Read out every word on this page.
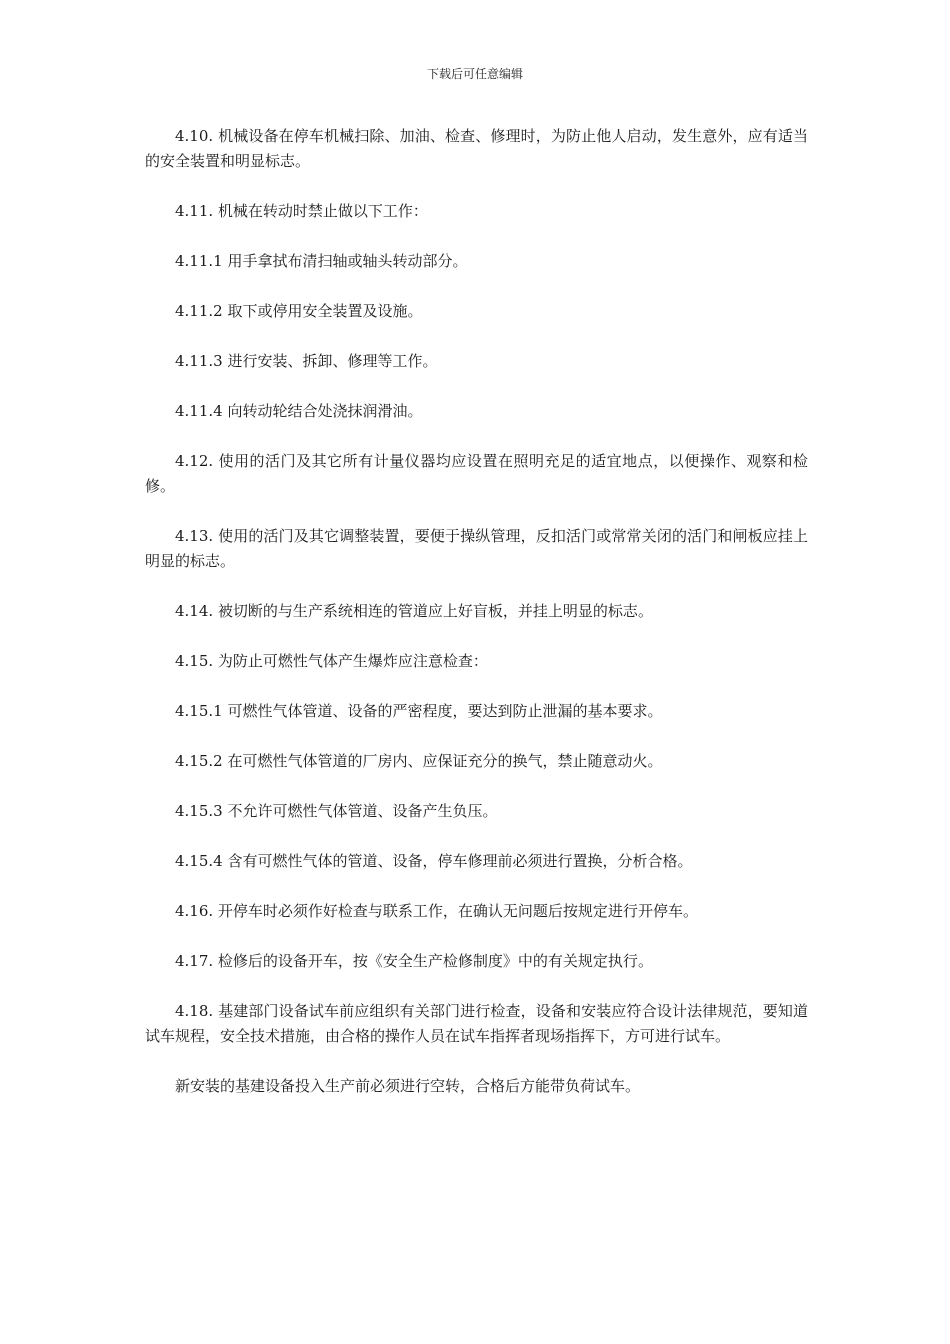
下载后可任意编辑

4.10. 机械设备在停车机械扫除、加油、检查、修理时，为防止他人启动，发生意外，应有适当的安全装置和明显标志。

4.11. 机械在转动时禁止做以下工作：

4.11.1 用手拿拭布清扫轴或轴头转动部分。

4.11.2 取下或停用安全装置及设施。

4.11.3 进行安装、拆卸、修理等工作。

4.11.4 向转动轮结合处浇抹润滑油。

4.12. 使用的活门及其它所有计量仪器均应设置在照明充足的适宜地点，以便操作、观察和检修。

4.13. 使用的活门及其它调整装置，要便于操纵管理，反扣活门或常常关闭的活门和闸板应挂上明显的标志。

4.14. 被切断的与生产系统相连的管道应上好盲板，并挂上明显的标志。

4.15. 为防止可燃性气体产生爆炸应注意检查：

4.15.1 可燃性气体管道、设备的严密程度，要达到防止泄漏的基本要求。

4.15.2 在可燃性气体管道的厂房内、应保证充分的换气，禁止随意动火。

4.15.3 不允许可燃性气体管道、设备产生负压。

4.15.4 含有可燃性气体的管道、设备，停车修理前必须进行置换，分析合格。

4.16. 开停车时必须作好检查与联系工作，在确认无问题后按规定进行开停车。

4.17. 检修后的设备开车，按《安全生产检修制度》中的有关规定执行。

4.18. 基建部门设备试车前应组织有关部门进行检查，设备和安装应符合设计法律规范，要知道试车规程，安全技术措施，由合格的操作人员在试车指挥者现场指挥下，方可进行试车。

新安装的基建设备投入生产前必须进行空转，合格后方能带负荷试车。
